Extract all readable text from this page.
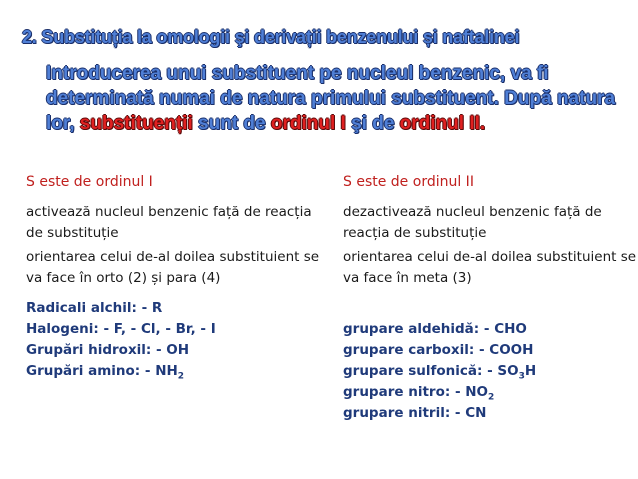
2. Substituția la omologii şi derivații benzenului și naftalinei
Introducerea unui substituent pe nucleul benzenic, va fi determinată numai de natura primului substituent. După natura lor, substituenții sunt de ordinul I şi de ordinul II.
S este de ordinul I
activează nucleul benzenic față de reacția de substituție
orientarea celui de-al doilea substituient se va face în orto (2) și para (4)
Radicali alchil: - R
Halogeni: - F, - Cl, - Br, - I
Grupări hidroxil: - OH
Grupări amino: - $NH_2$
S este de ordinul II
dezactivează nucleul benzenic față de reacția de substituție
orientarea celui de-al doilea substituient se va face în meta (3)
grupare aldehidă: - CHO
grupare carboxil: - COOH
grupare sulfonică: - $SO_3H$
grupare nitro: - $NO_2$
grupare nitril: - CN
